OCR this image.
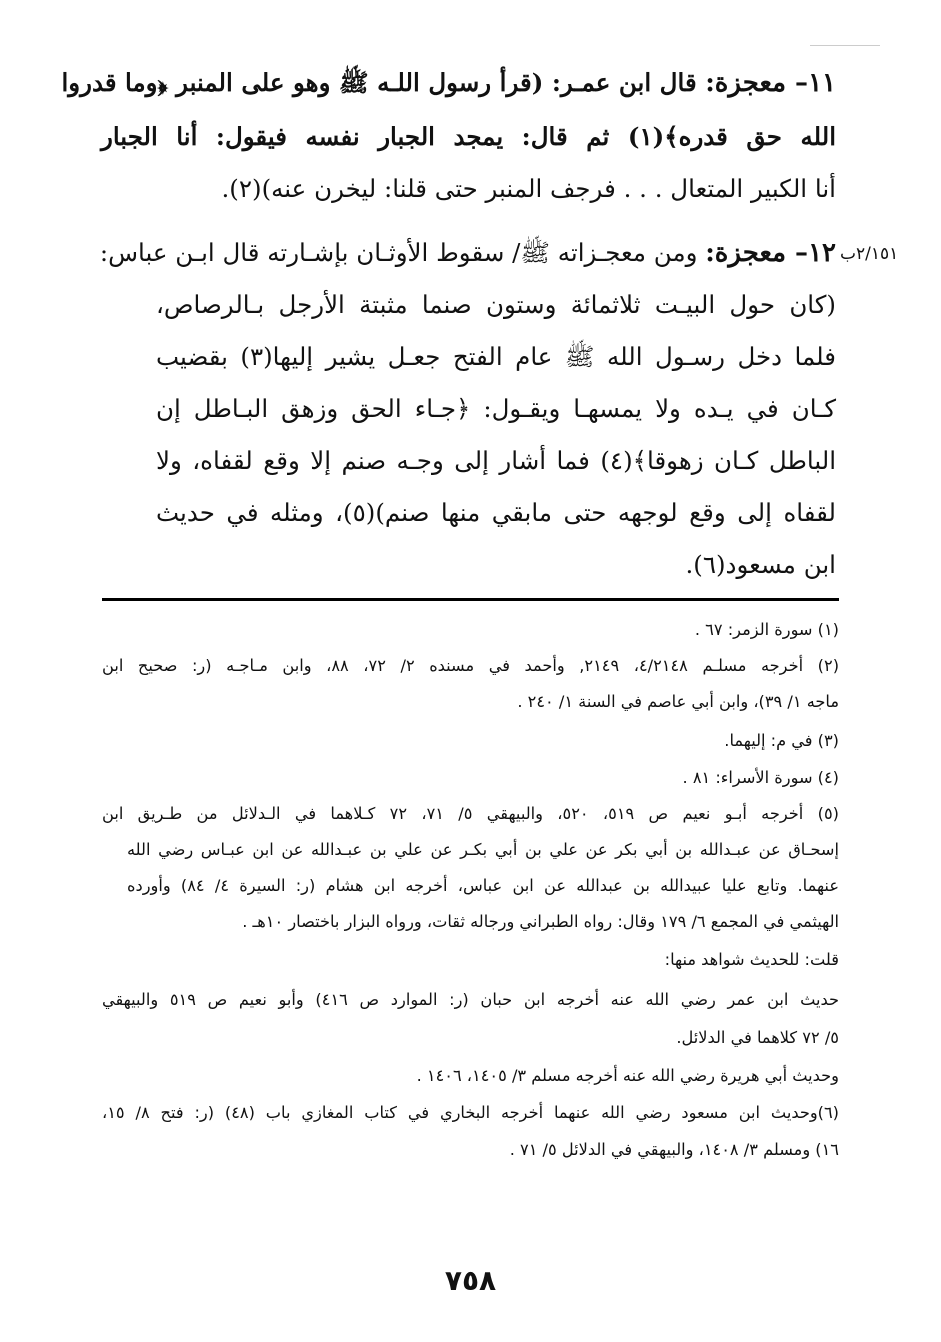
١١– معجزة: قال ابن عمـر: (قرأ رسول اللـه ﷺ وهو على المنبر ﴿وما قدروا
الله حق قدره﴾(١) ثم قال: يمجد الجبار نفسه فيقول: أنا الجبار
أنا الكبير المتعال . . . فرجف المنبر حتى قلنا: ليخرن عنه)(٢).
٢/١٥١ب
١٢– معجزة: ومن معجـزاته ﷺ/ سقوط الأوثـان بإشـارته قال ابـن عباس:
(كان حول البيـت ثلاثمائة وستون صنما مثبتة الأرجل بـالرصاص،
فلما دخل رسـول الله ﷺ عام الفتح جعـل يشير إليها(٣) بقضيب
كـان في يـده ولا يمسهـا ويقـول: ﴿جـاء الحق وزهق البـاطل إن
الباطل كـان زهوقا﴾(٤) فما أشار إلى وجـه صنم إلا وقع لقفاه، ولا
لقفاه إلى وقع لوجهه حتى مابقي منها صنم)(٥)، ومثله في حديث
ابن مسعود(٦).
(١) سورة الزمر: ٦٧ .
(٢) أخرجه مسلـم ٤/٢١٤٨، ٢١٤٩, وأحمد في مسنده ٢/ ٧٢، ٨٨، وابن مـاجـه (ر: صحيح ابن
ماجه ١/ ٣٩)، وابن أبي عاصم في السنة ١/ ٢٤٠ .
(٣) في م: إليهما.
(٤) سورة الأسراء: ٨١ .
(٥) أخرجه أبـو نعيم ص ٥١٩، ٥٢٠، والبيهقي ٥/ ٧١، ٧٢ كـلاهما في الـدلائل من طـريق ابن
إسحـاق عن عبـدالله بن أبي بكر عن علي بن أبي بكـر عن علي بن عبـدالله عن ابن عبـاس رضي الله
عنهما. وتابع عليا عبيدالله بن عبدالله عن ابن عباس، أخرجه ابن هشام (ر: السيرة ٤/ ٨٤) وأورده
الهيثمي في المجمع ٦/ ١٧٩ وقال: رواه الطبراني ورجاله ثقات، ورواه البزار باختصار ١٠هـ .
قلت: للحديث شواهد منها:
حديث ابن عمر رضي الله عنه أخرجه ابن حبان (ر: الموارد ص ٤١٦) وأبو نعيم ص ٥١٩ والبيهقي
٥/ ٧٢ كلاهما في الدلائل.
وحديث أبي هريرة رضي الله عنه أخرجه مسلم ٣/ ١٤٠٥، ١٤٠٦ .
(٦)وحديث ابن مسعود رضي الله عنهما أخرجه البخاري في كتاب المغازي باب (٤٨) (ر: فتح ٨/ ١٥،
١٦) ومسلم ٣/ ١٤٠٨، والبيهقي في الدلائل ٥/ ٧١ .
٧٥٨
